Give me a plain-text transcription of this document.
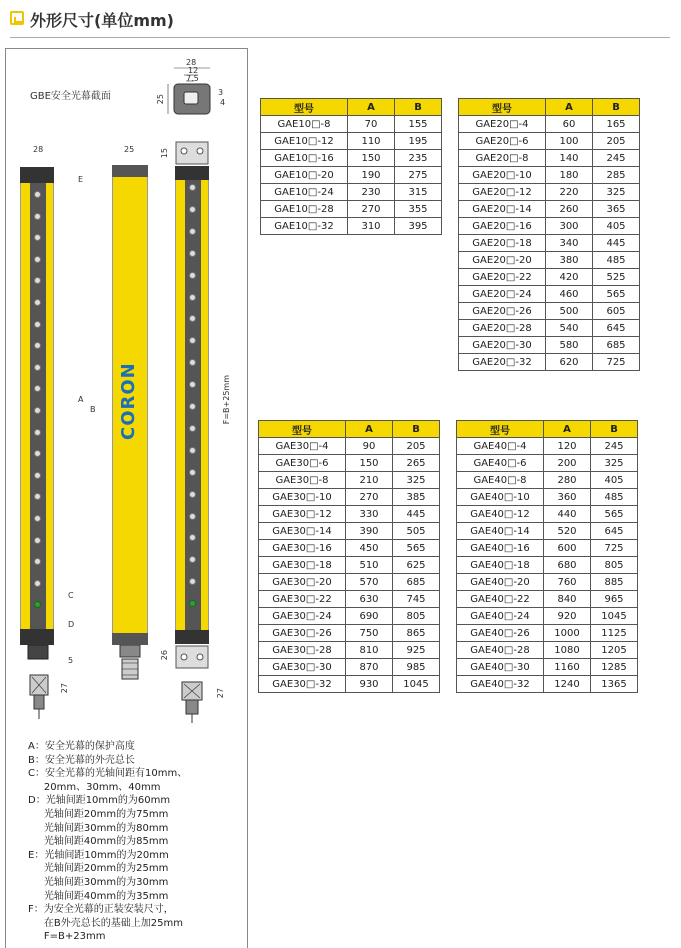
外形尺寸(单位mm)
GBE安全光幕截面
28
12
7.5
25
3
4
28
E
A
B
C
D
5
27
25
CORON
15
F=B+25mm
26
27
A：安全光幕的保护高度
B：安全光幕的外壳总长
C：安全光幕的光轴间距有10mm、
20mm、30mm、40mm
D：光轴间距10mm的为60mm
光轴间距20mm的为75mm
光轴间距30mm的为80mm
光轴间距40mm的为85mm
E：光轴间距10mm的为20mm
光轴间距20mm的为25mm
光轴间距30mm的为30mm
光轴间距40mm的为35mm
F：为安全光幕的正装安装尺寸，
在B外壳总长的基础上加25mm
F=B+23mm
型号	A	B
GAE10□-8	70	155
GAE10□-12	110	195
GAE10□-16	150	235
GAE10□-20	190	275
GAE10□-24	230	315
GAE10□-28	270	355
GAE10□-32	310	395
型号	A	B
GAE20□-4	60	165
GAE20□-6	100	205
GAE20□-8	140	245
GAE20□-10	180	285
GAE20□-12	220	325
GAE20□-14	260	365
GAE20□-16	300	405
GAE20□-18	340	445
GAE20□-20	380	485
GAE20□-22	420	525
GAE20□-24	460	565
GAE20□-26	500	605
GAE20□-28	540	645
GAE20□-30	580	685
GAE20□-32	620	725
型号	A	B
GAE30□-4	90	205
GAE30□-6	150	265
GAE30□-8	210	325
GAE30□-10	270	385
GAE30□-12	330	445
GAE30□-14	390	505
GAE30□-16	450	565
GAE30□-18	510	625
GAE30□-20	570	685
GAE30□-22	630	745
GAE30□-24	690	805
GAE30□-26	750	865
GAE30□-28	810	925
GAE30□-30	870	985
GAE30□-32	930	1045
型号	A	B
GAE40□-4	120	245
GAE40□-6	200	325
GAE40□-8	280	405
GAE40□-10	360	485
GAE40□-12	440	565
GAE40□-14	520	645
GAE40□-16	600	725
GAE40□-18	680	805
GAE40□-20	760	885
GAE40□-22	840	965
GAE40□-24	920	1045
GAE40□-26	1000	1125
GAE40□-28	1080	1205
GAE40□-30	1160	1285
GAE40□-32	1240	1365
